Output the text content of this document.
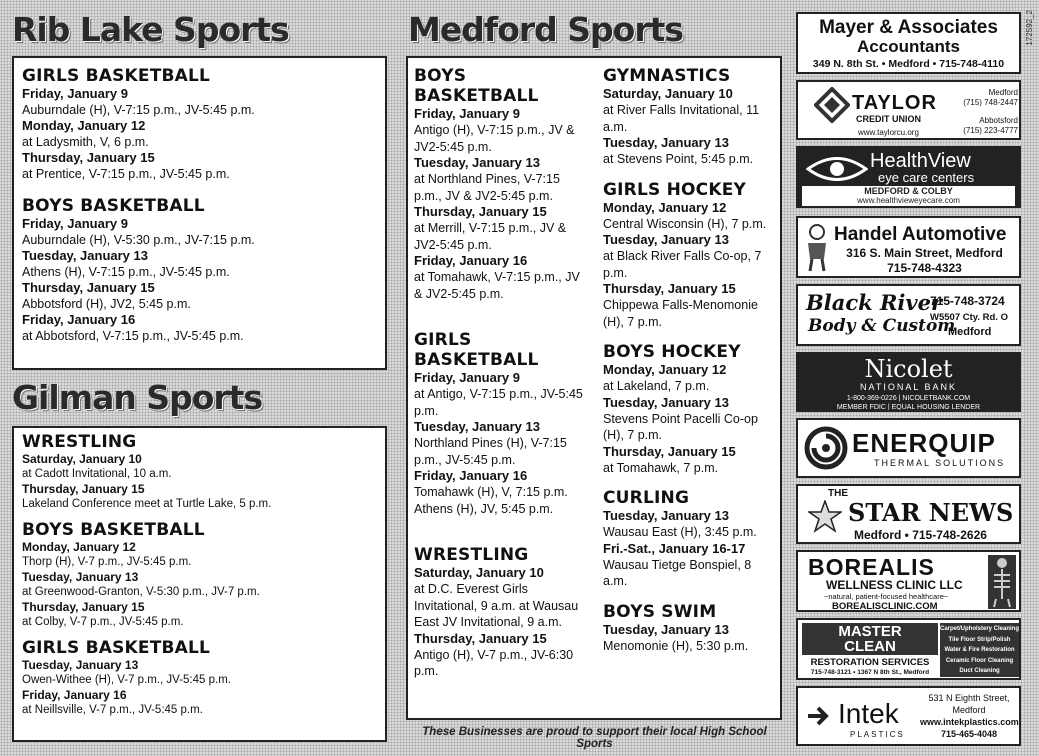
Rib Lake Sports
Gilman Sports
Medford Sports
GIRLS BASKETBALL
Friday, January 9
Auburndale (H), V-7:15 p.m., JV-5:45 p.m.
Monday, January 12
at Ladysmith, V, 6 p.m.
Thursday, January 15
at Prentice, V-7:15 p.m., JV-5:45 p.m.
BOYS BASKETBALL
Friday, January 9
Auburndale (H), V-5:30 p.m., JV-7:15 p.m.
Tuesday, January 13
Athens (H), V-7:15 p.m., JV-5:45 p.m.
Thursday, January 15
Abbotsford (H), JV2, 5:45 p.m.
Friday, January 16
at Abbotsford, V-7:15 p.m., JV-5:45 p.m.
WRESTLING
Saturday, January 10
at Cadott Invitational, 10 a.m.
Thursday, January 15
Lakeland Conference meet at Turtle Lake, 5 p.m.
BOYS BASKETBALL
Monday, January 12
Thorp (H), V-7 p.m., JV-5:45 p.m.
Tuesday, January 13
at Greenwood-Granton, V-5:30 p.m., JV-7 p.m.
Thursday, January 15
at Colby, V-7 p.m., JV-5:45 p.m.
GIRLS BASKETBALL
Tuesday, January 13
Owen-Withee (H), V-7 p.m., JV-5:45 p.m.
Friday, January 16
at Neillsville, V-7 p.m., JV-5:45 p.m.
BOYS BASKETBALL
Friday, January 9
Antigo (H), V-7:15 p.m., JV & JV2-5:45 p.m.
Tuesday, January 13
at Northland Pines, V-7:15 p.m., JV & JV2-5:45 p.m.
Thursday, January 15
at Merrill, V-7:15 p.m., JV & JV2-5:45 p.m.
Friday, January 16
at Tomahawk, V-7:15 p.m., JV & JV2-5:45 p.m.
GIRLS BASKETBALL
Friday, January 9
at Antigo, V-7:15 p.m., JV-5:45 p.m.
Tuesday, January 13
Northland Pines (H), V-7:15 p.m., JV-5:45 p.m.
Friday, January 16
Tomahawk (H), V, 7:15 p.m. Athens (H), JV, 5:45 p.m.
WRESTLING
Saturday, January 10
at D.C. Everest Girls Invitational, 9 a.m. at Wausau East JV Invitational, 9 a.m.
Thursday, January 15
Antigo (H), V-7 p.m., JV-6:30 p.m.
GYMNASTICS
Saturday, January 10
at River Falls Invitational, 11 a.m.
Tuesday, January 13
at Stevens Point, 5:45 p.m.
GIRLS HOCKEY
Monday, January 12
Central Wisconsin (H), 7 p.m.
Tuesday, January 13
at Black River Falls Co-op, 7 p.m.
Thursday, January 15
Chippewa Falls-Menomonie (H), 7 p.m.
BOYS HOCKEY
Monday, January 12
at Lakeland, 7 p.m.
Tuesday, January 13
Stevens Point Pacelli Co-op (H), 7 p.m.
Thursday, January 15
at Tomahawk, 7 p.m.
CURLING
Tuesday, January 13
Wausau East (H), 3:45 p.m.
Fri.-Sat., January 16-17
Wausau Tietge Bonspiel, 8 a.m.
BOYS SWIM
Tuesday, January 13
Menomonie (H), 5:30 p.m.
These Businesses are proud to support their local High School Sports
172592_2
Mayer & Associates
Accountants
349 N. 8th St. • Medford • 715-748-4110
TAYLOR
CREDIT UNION
www.taylorcu.org
Medford
(715) 748-2447
Abbotsford
(715) 223-4777
HealthView
eye care centers
MEDFORD & COLBY
www.healthvieweyecare.com
Handel Automotive
316 S. Main Street, Medford
715-748-4323
Black River
Body & Custom
715-748-3724
W5507 Cty. Rd. O
Medford
Nicolet
NATIONAL BANK
1-800-369-0226 | NICOLETBANK.COM
MEMBER FDIC | EQUAL HOUSING LENDER
ENERQUIP
THERMAL SOLUTIONS
THE
STAR NEWS
Medford • 715-748-2626
BOREALIS
WELLNESS CLINIC LLC
~natural, patient-focused healthcare~
BOREALISCLINIC.COM
MASTER
CLEAN
RESTORATION SERVICES
715-748-3121 • 1367 N 8th St., Medford
Carpet/Upholstery Cleaning
Tile Floor Strip/Polish
Water & Fire Restoration
Ceramic Floor Cleaning
Duct Cleaning
Intek
PLASTICS
531 N Eighth Street,
Medford
www.intekplastics.com
715-465-4048
